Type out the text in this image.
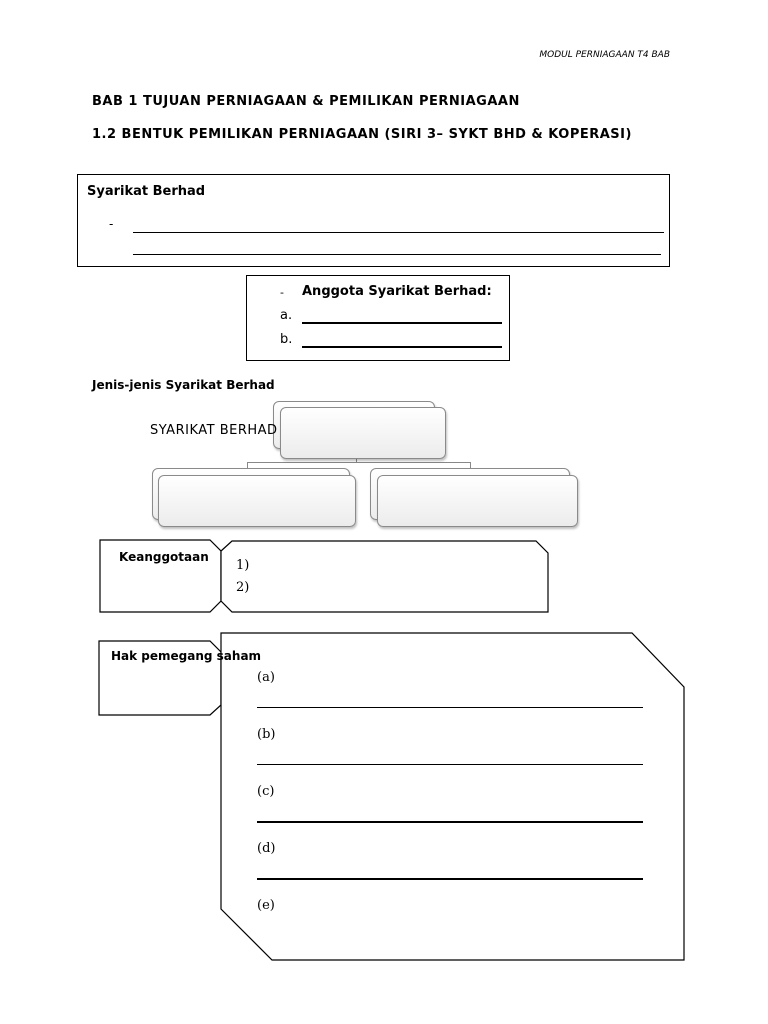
MODUL PERNIAGAAN T4 BAB
BAB 1 TUJUAN PERNIAGAAN & PEMILIKAN PERNIAGAAN
1.2 BENTUK PEMILIKAN PERNIAGAAN (SIRI 3– SYKT BHD & KOPERASI)
Syarikat Berhad
-
- Anggota Syarikat Berhad:
a.
b.
Jenis-jenis Syarikat Berhad
SYARIKAT BERHAD
Keanggotaan
1)
2)
Hak pemegang saham
(a)
(b)
(c)
(d)
(e)
